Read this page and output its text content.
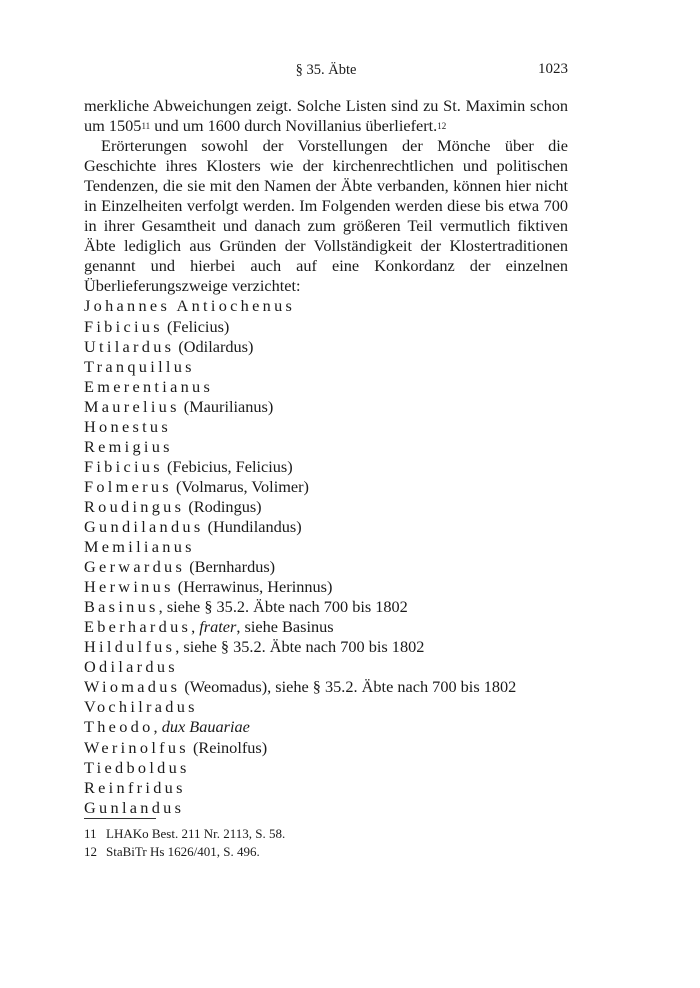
§ 35. Äbte	1023

merkliche Abweichungen zeigt. Solche Listen sind zu St. Maximin schon um 1505$^{11}$ und um 1600 durch Novillanius überliefert.$^{12}$

Erörterungen sowohl der Vorstellungen der Mönche über die Geschichte ihres Klosters wie der kirchenrechtlichen und politischen Tendenzen, die sie mit den Namen der Äbte verbanden, können hier nicht in Einzelheiten verfolgt werden. Im Folgenden werden diese bis etwa 700 in ihrer Gesamtheit und danach zum größeren Teil vermutlich fiktiven Äbte lediglich aus Gründen der Vollständigkeit der Klostertraditionen genannt und hierbei auch auf eine Konkordanz der einzelnen Überlieferungszweige verzichtet:

Johannes Antiochenus
Fibicius (Felicius)
Utilardus (Odilardus)
Tranquillus
Emerentianus
Maurelius (Maurilianus)
Honestus
Remigius
Fibicius (Febicius, Felicius)
Folmerus (Volmarus, Volimer)
Roudingus (Rodingus)
Gundilandus (Hundilandus)
Memilianus
Gerwardus (Bernhardus)
Herwinus (Herrawinus, Herinnus)
Basinus, siehe § 35.2. Äbte nach 700 bis 1802
Eberhardus, frater, siehe Basinus
Hildulfus, siehe § 35.2. Äbte nach 700 bis 1802
Odilardus
Wiomadus (Weomadus), siehe § 35.2. Äbte nach 700 bis 1802
Vochilradus
Theodo, dux Bauariae
Werinolfus (Reinolfus)
Tiedboldus
Reinfridus
Gunlandus
11 LHAKo Best. 211 Nr. 2113, S. 58.
12 StaBiTr Hs 1626/401, S. 496.
